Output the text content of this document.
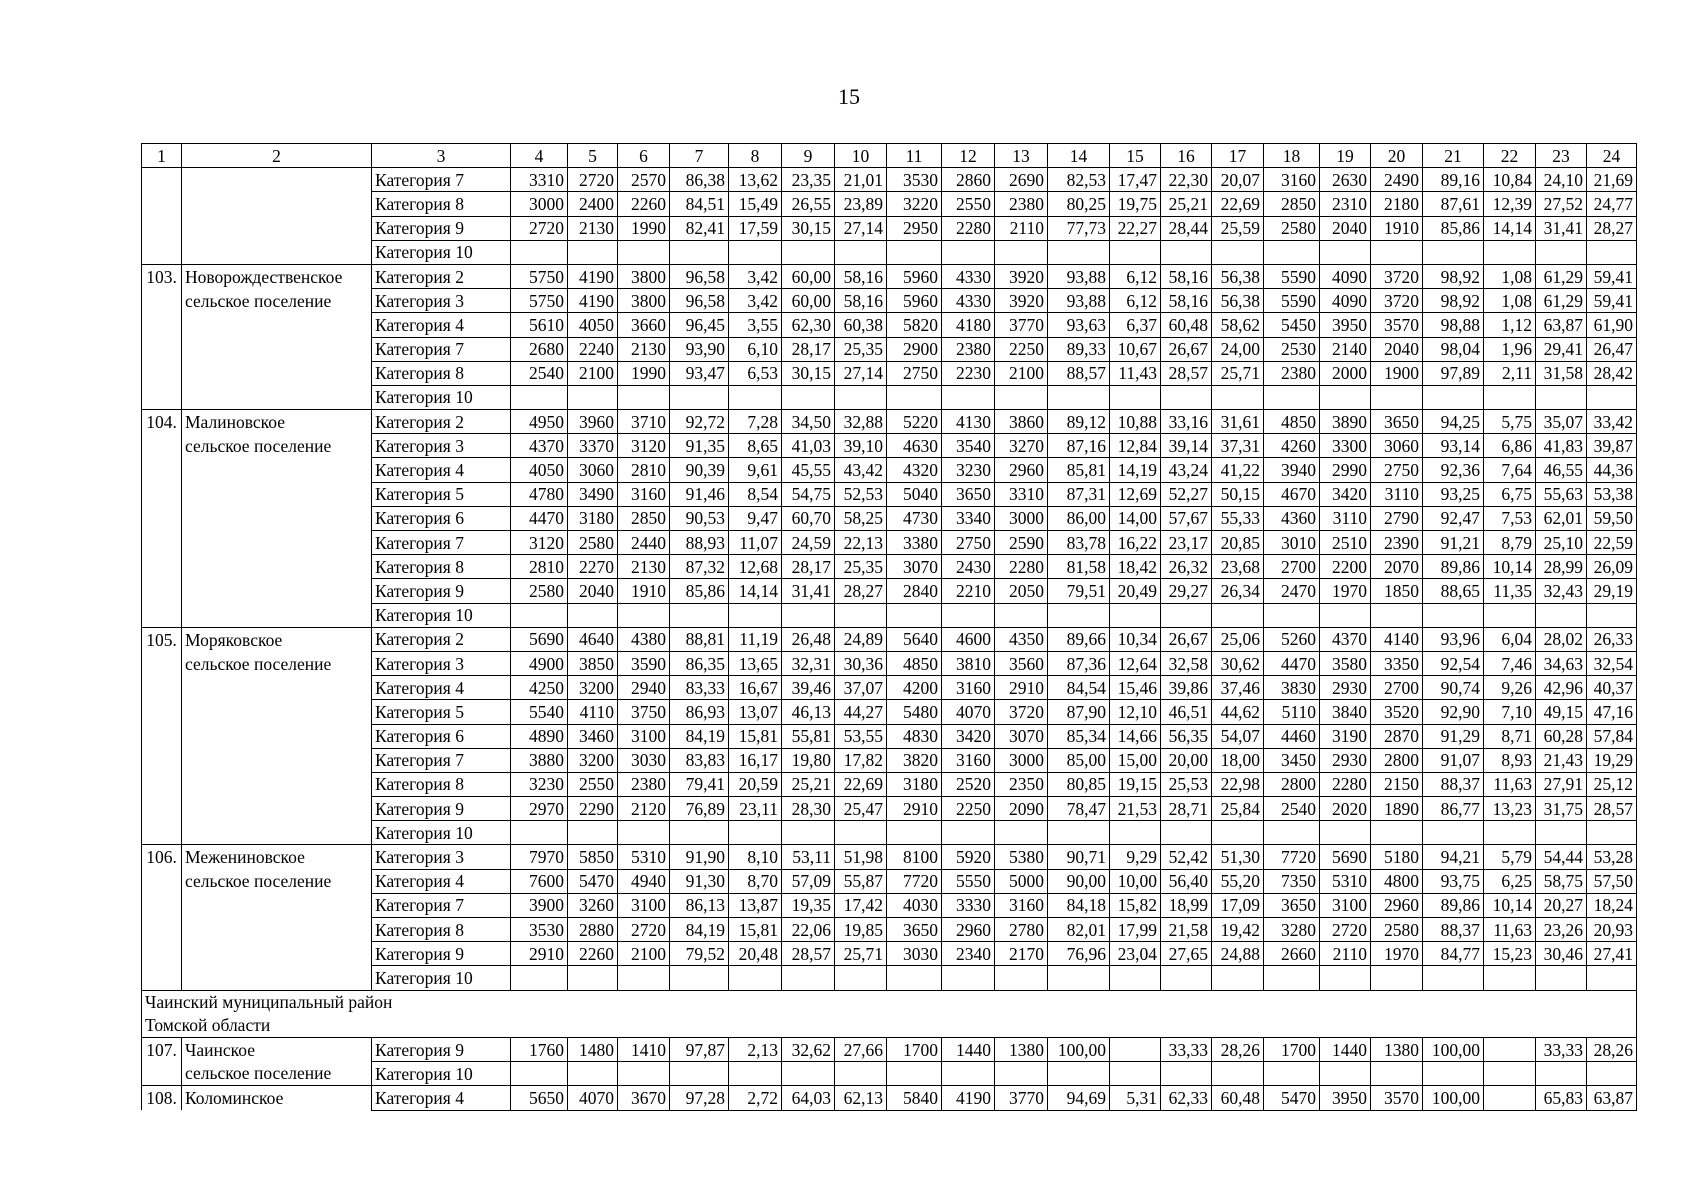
15
1	2	3	4	5	6	7	8	9	10	11	12	13	14	15	16	17	18	19	20	21	22	23	24
		Категория 7	3310	2720	2570	86,38	13,62	23,35	21,01	3530	2860	2690	82,53	17,47	22,30	20,07	3160	2630	2490	89,16	10,84	24,10	21,69
		Категория 8	3000	2400	2260	84,51	15,49	26,55	23,89	3220	2550	2380	80,25	19,75	25,21	22,69	2850	2310	2180	87,61	12,39	27,52	24,77
		Категория 9	2720	2130	1990	82,41	17,59	30,15	27,14	2950	2280	2110	77,73	22,27	28,44	25,59	2580	2040	1910	85,86	14,14	31,41	28,27
		Категория 10																					
103.	Новорождественское	Категория 2	5750	4190	3800	96,58	3,42	60,00	58,16	5960	4330	3920	93,88	6,12	58,16	56,38	5590	4090	3720	98,92	1,08	61,29	59,41
	сельское поселение	Категория 3	5750	4190	3800	96,58	3,42	60,00	58,16	5960	4330	3920	93,88	6,12	58,16	56,38	5590	4090	3720	98,92	1,08	61,29	59,41
		Категория 4	5610	4050	3660	96,45	3,55	62,30	60,38	5820	4180	3770	93,63	6,37	60,48	58,62	5450	3950	3570	98,88	1,12	63,87	61,90
		Категория 7	2680	2240	2130	93,90	6,10	28,17	25,35	2900	2380	2250	89,33	10,67	26,67	24,00	2530	2140	2040	98,04	1,96	29,41	26,47
		Категория 8	2540	2100	1990	93,47	6,53	30,15	27,14	2750	2230	2100	88,57	11,43	28,57	25,71	2380	2000	1900	97,89	2,11	31,58	28,42
		Категория 10																					
104.	Малиновское	Категория 2	4950	3960	3710	92,72	7,28	34,50	32,88	5220	4130	3860	89,12	10,88	33,16	31,61	4850	3890	3650	94,25	5,75	35,07	33,42
	сельское поселение	Категория 3	4370	3370	3120	91,35	8,65	41,03	39,10	4630	3540	3270	87,16	12,84	39,14	37,31	4260	3300	3060	93,14	6,86	41,83	39,87
		Категория 4	4050	3060	2810	90,39	9,61	45,55	43,42	4320	3230	2960	85,81	14,19	43,24	41,22	3940	2990	2750	92,36	7,64	46,55	44,36
		Категория 5	4780	3490	3160	91,46	8,54	54,75	52,53	5040	3650	3310	87,31	12,69	52,27	50,15	4670	3420	3110	93,25	6,75	55,63	53,38
		Категория 6	4470	3180	2850	90,53	9,47	60,70	58,25	4730	3340	3000	86,00	14,00	57,67	55,33	4360	3110	2790	92,47	7,53	62,01	59,50
		Категория 7	3120	2580	2440	88,93	11,07	24,59	22,13	3380	2750	2590	83,78	16,22	23,17	20,85	3010	2510	2390	91,21	8,79	25,10	22,59
		Категория 8	2810	2270	2130	87,32	12,68	28,17	25,35	3070	2430	2280	81,58	18,42	26,32	23,68	2700	2200	2070	89,86	10,14	28,99	26,09
		Категория 9	2580	2040	1910	85,86	14,14	31,41	28,27	2840	2210	2050	79,51	20,49	29,27	26,34	2470	1970	1850	88,65	11,35	32,43	29,19
		Категория 10																					
105.	Моряковское	Категория 2	5690	4640	4380	88,81	11,19	26,48	24,89	5640	4600	4350	89,66	10,34	26,67	25,06	5260	4370	4140	93,96	6,04	28,02	26,33
	сельское поселение	Категория 3	4900	3850	3590	86,35	13,65	32,31	30,36	4850	3810	3560	87,36	12,64	32,58	30,62	4470	3580	3350	92,54	7,46	34,63	32,54
		Категория 4	4250	3200	2940	83,33	16,67	39,46	37,07	4200	3160	2910	84,54	15,46	39,86	37,46	3830	2930	2700	90,74	9,26	42,96	40,37
		Категория 5	5540	4110	3750	86,93	13,07	46,13	44,27	5480	4070	3720	87,90	12,10	46,51	44,62	5110	3840	3520	92,90	7,10	49,15	47,16
		Категория 6	4890	3460	3100	84,19	15,81	55,81	53,55	4830	3420	3070	85,34	14,66	56,35	54,07	4460	3190	2870	91,29	8,71	60,28	57,84
		Категория 7	3880	3200	3030	83,83	16,17	19,80	17,82	3820	3160	3000	85,00	15,00	20,00	18,00	3450	2930	2800	91,07	8,93	21,43	19,29
		Категория 8	3230	2550	2380	79,41	20,59	25,21	22,69	3180	2520	2350	80,85	19,15	25,53	22,98	2800	2280	2150	88,37	11,63	27,91	25,12
		Категория 9	2970	2290	2120	76,89	23,11	28,30	25,47	2910	2250	2090	78,47	21,53	28,71	25,84	2540	2020	1890	86,77	13,23	31,75	28,57
		Категория 10																					
106.	Межениновское	Категория 3	7970	5850	5310	91,90	8,10	53,11	51,98	8100	5920	5380	90,71	9,29	52,42	51,30	7720	5690	5180	94,21	5,79	54,44	53,28
	сельское поселение	Категория 4	7600	5470	4940	91,30	8,70	57,09	55,87	7720	5550	5000	90,00	10,00	56,40	55,20	7350	5310	4800	93,75	6,25	58,75	57,50
		Категория 7	3900	3260	3100	86,13	13,87	19,35	17,42	4030	3330	3160	84,18	15,82	18,99	17,09	3650	3100	2960	89,86	10,14	20,27	18,24
		Категория 8	3530	2880	2720	84,19	15,81	22,06	19,85	3650	2960	2780	82,01	17,99	21,58	19,42	3280	2720	2580	88,37	11,63	23,26	20,93
		Категория 9	2910	2260	2100	79,52	20,48	28,57	25,71	3030	2340	2170	76,96	23,04	27,65	24,88	2660	2110	1970	84,77	15,23	30,46	27,41
		Категория 10																					
Чаинский муниципальный район																							
Томской области																							
107.	Чаинское	Категория 9	1760	1480	1410	97,87	2,13	32,62	27,66	1700	1440	1380	100,00		33,33	28,26	1700	1440	1380	100,00		33,33	28,26
	сельское поселение	Категория 10																					
108.	Коломинское	Категория 4	5650	4070	3670	97,28	2,72	64,03	62,13	5840	4190	3770	94,69	5,31	62,33	60,48	5470	3950	3570	100,00		65,83	63,87
